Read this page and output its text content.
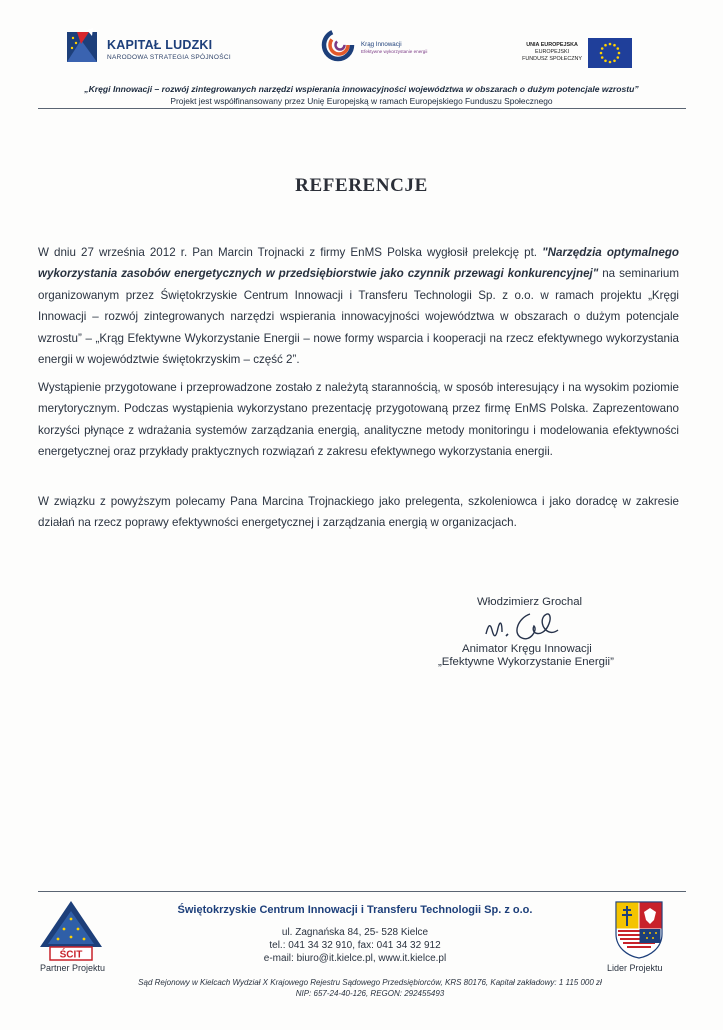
KAPITAŁ LUDZKI
NARODOWA STRATEGIA SPÓJNOŚCI
Krąg Innowacji
Efektywne wykorzystanie energii
UNIA EUROPEJSKA
EUROPEJSKI
FUNDUSZ SPOŁECZNY
„Kręgi Innowacji – rozwój zintegrowanych narzędzi wspierania innowacyjności województwa w obszarach o dużym potencjale wzrostu”
Projekt jest współfinansowany przez Unię Europejską w ramach Europejskiego Funduszu Społecznego
REFERENCJE
W dniu 27 września 2012 r. Pan Marcin Trojnacki z firmy EnMS Polska wygłosił prelekcję pt. "Narzędzia optymalnego wykorzystania zasobów energetycznych w przedsiębiorstwie jako czynnik przewagi konkurencyjnej" na seminarium organizowanym przez Świętokrzyskie Centrum Innowacji i Transferu Technologii Sp. z o.o. w ramach projektu „Kręgi Innowacji – rozwój zintegrowanych narzędzi wspierania innowacyjności województwa w obszarach o dużym potencjale wzrostu” – „Krąg Efektywne Wykorzystanie Energii – nowe formy wsparcia i kooperacji na rzecz efektywnego wykorzystania energii w województwie świętokrzyskim – część 2”.
Wystąpienie przygotowane i przeprowadzone zostało z należytą starannością, w sposób interesujący i na wysokim poziomie merytorycznym. Podczas wystąpienia wykorzystano prezentację przygotowaną przez firmę EnMS Polska. Zaprezentowano korzyści płynące z wdrażania systemów zarządzania energią, analityczne metody monitoringu i modelowania efektywności energetycznej oraz przykłady praktycznych rozwiązań z zakresu efektywnego wykorzystania energii.
W związku z powyższym polecamy Pana Marcina Trojnackiego jako prelegenta, szkoleniowca i jako doradcę w zakresie działań na rzecz poprawy efektywności energetycznej i zarządzania energią w organizacjach.
Włodzimierz Grochal
Animator Kręgu Innowacji
„Efektywne Wykorzystanie Energii”
ŚCIT
Partner Projektu
Świętokrzyskie Centrum Innowacji i Transferu Technologii Sp. z o.o.
ul. Zagnańska 84, 25- 528 Kielce
tel.: 041 34 32 910, fax: 041 34 32 912
e-mail: biuro@it.kielce.pl, www.it.kielce.pl
Lider Projektu
Sąd Rejonowy w Kielcach Wydział X Krajowego Rejestru Sądowego Przedsiębiorców, KRS 80176, Kapitał zakładowy: 1 115 000 zł
NIP: 657-24-40-126, REGON: 292455493
